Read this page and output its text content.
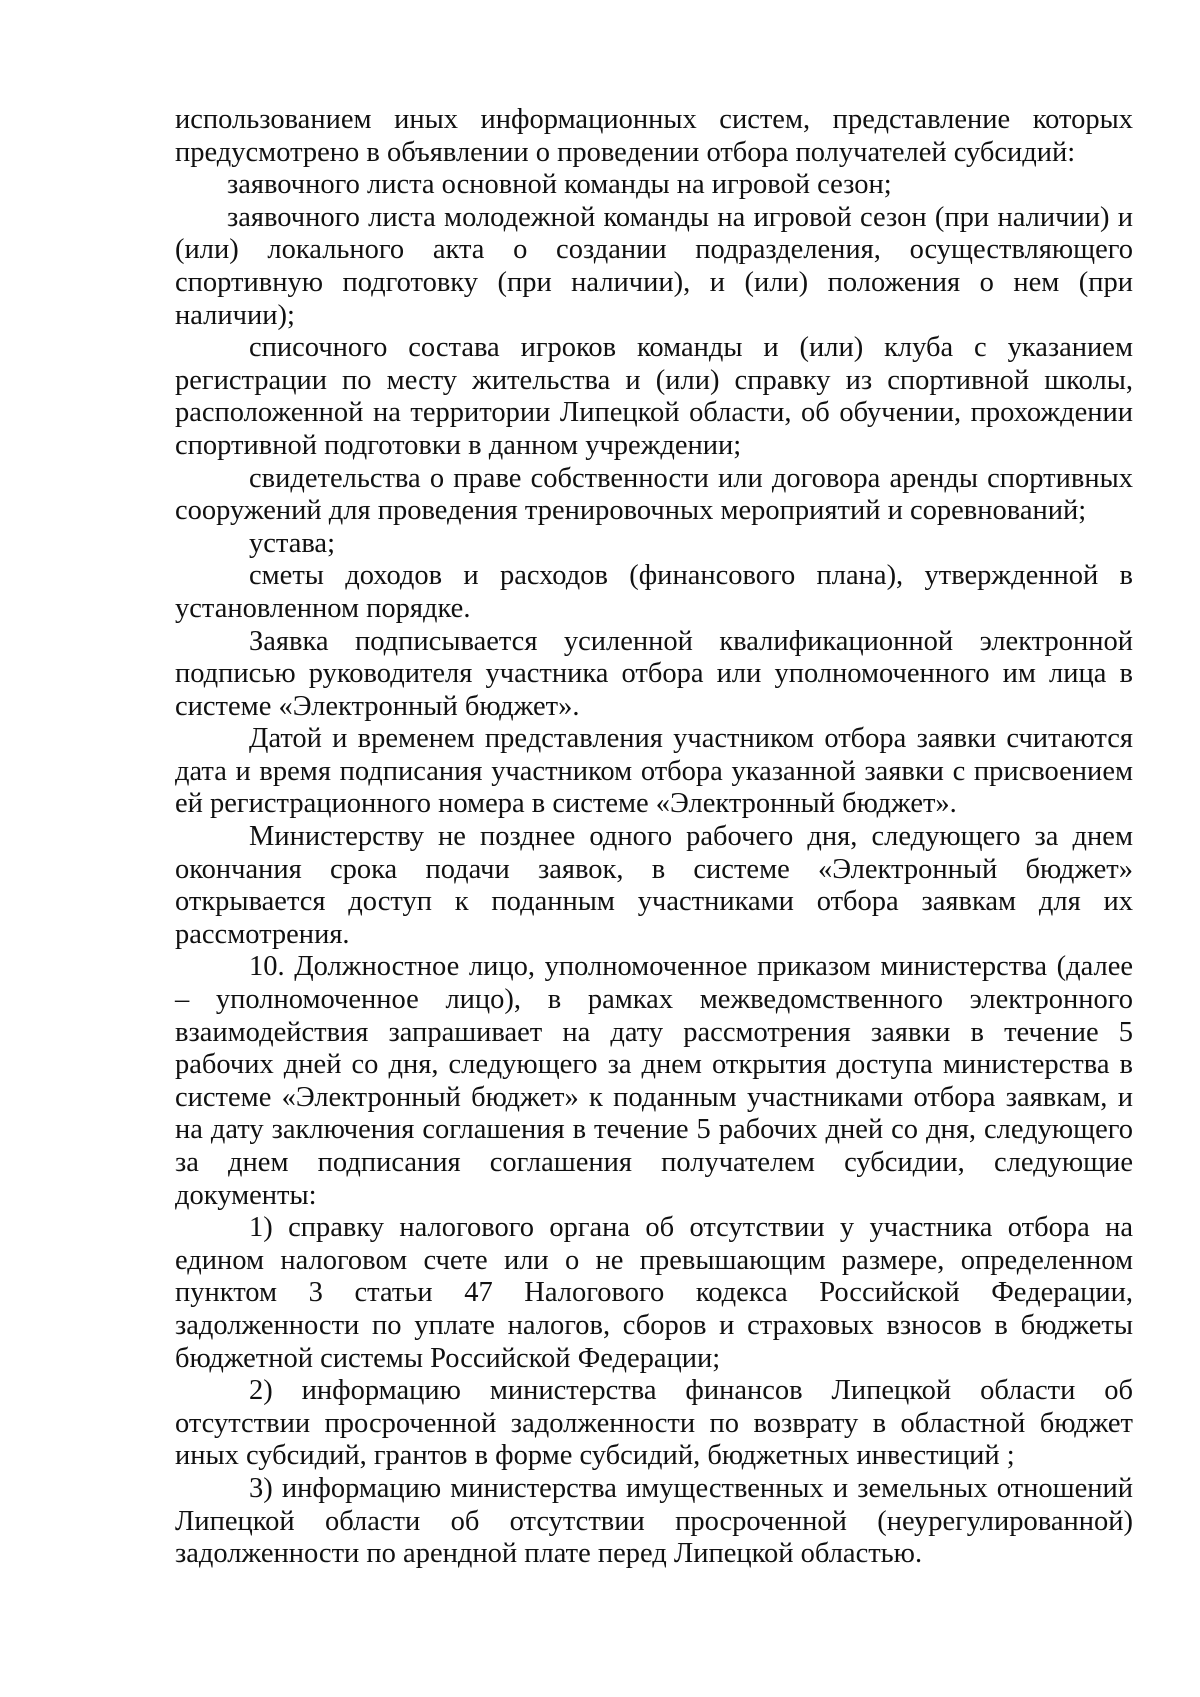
использованием иных информационных систем, представление которых предусмотрено в объявлении о проведении отбора получателей субсидий:

заявочного листа основной команды на игровой сезон;

заявочного листа молодежной команды на игровой сезон (при наличии) и (или) локального акта о создании подразделения, осуществляющего спортивную подготовку (при наличии), и (или) положения о нем (при наличии);

списочного состава игроков команды и (или) клуба с указанием регистрации по месту жительства и (или) справку из спортивной школы, расположенной на территории Липецкой области, об обучении, прохождении спортивной подготовки в данном учреждении;

свидетельства о праве собственности или договора аренды спортивных сооружений для проведения тренировочных мероприятий и соревнований;

устава;

сметы доходов и расходов (финансового плана), утвержденной в установленном порядке.

Заявка подписывается усиленной квалификационной электронной подписью руководителя участника отбора или уполномоченного им лица в системе «Электронный бюджет».

Датой и временем представления участником отбора заявки считаются дата и время подписания участником отбора указанной заявки с присвоением ей регистрационного номера в системе «Электронный бюджет».

Министерству не позднее одного рабочего дня, следующего за днем окончания срока подачи заявок, в системе «Электронный бюджет» открывается доступ к поданным участниками отбора заявкам для их рассмотрения.

10. Должностное лицо, уполномоченное приказом министерства (далее – уполномоченное лицо), в рамках межведомственного электронного взаимодействия запрашивает на дату рассмотрения заявки в течение 5 рабочих дней со дня, следующего за днем открытия доступа министерства в системе «Электронный бюджет» к поданным участниками отбора заявкам, и на дату заключения соглашения в течение 5 рабочих дней со дня, следующего за днем подписания соглашения получателем субсидии, следующие документы:

1) справку налогового органа об отсутствии у участника отбора на едином налоговом счете или о не превышающим размере, определенном пунктом 3 статьи 47 Налогового кодекса Российской Федерации, задолженности по уплате налогов, сборов и страховых взносов в бюджеты бюджетной системы Российской Федерации;

2) информацию министерства финансов Липецкой области об отсутствии просроченной задолженности по возврату в областной бюджет иных субсидий, грантов в форме субсидий, бюджетных инвестиций ;

3) информацию министерства имущественных и земельных отношений Липецкой области об отсутствии просроченной (неурегулированной) задолженности по арендной плате перед Липецкой областью.
